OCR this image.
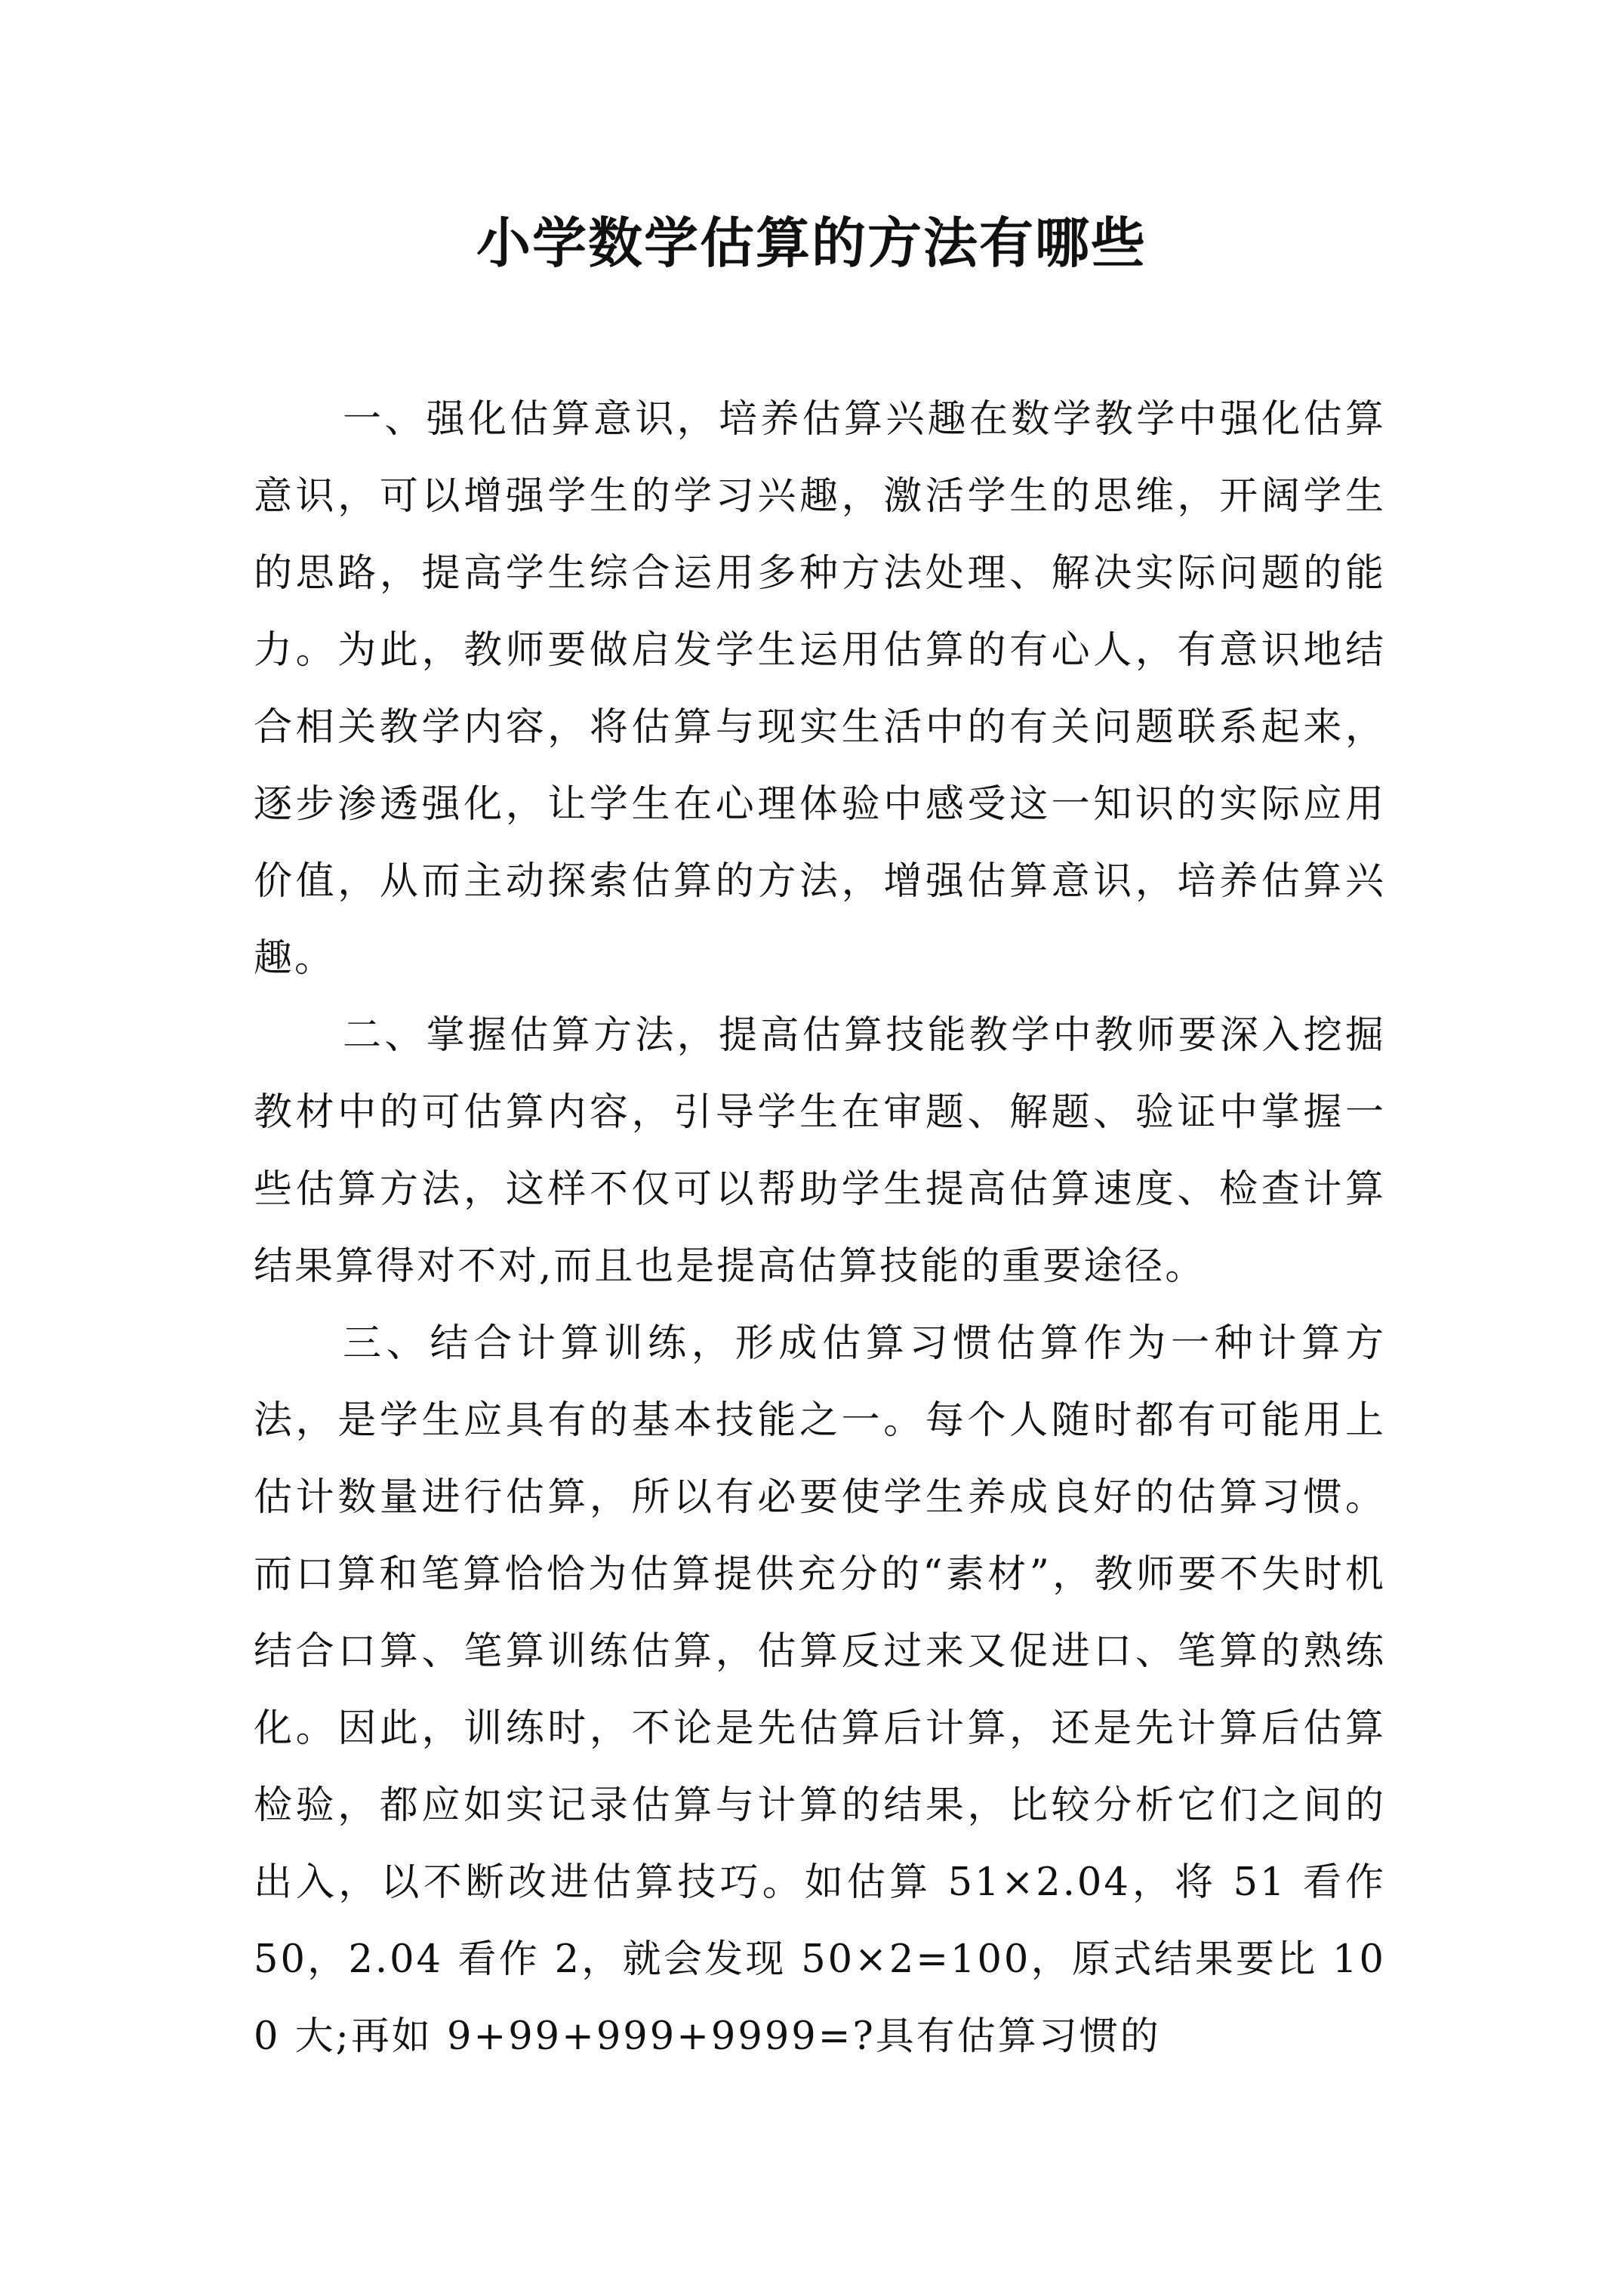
小学数学估算的方法有哪些

一、强化估算意识，培养估算兴趣在数学教学中强化估算意识，可以增强学生的学习兴趣，激活学生的思维，开阔学生的思路，提高学生综合运用多种方法处理、解决实际问题的能力。为此，教师要做启发学生运用估算的有心人，有意识地结合相关教学内容，将估算与现实生活中的有关问题联系起来，逐步渗透强化，让学生在心理体验中感受这一知识的实际应用价值，从而主动探索估算的方法，增强估算意识，培养估算兴趣。

二、掌握估算方法，提高估算技能教学中教师要深入挖掘教材中的可估算内容，引导学生在审题、解题、验证中掌握一些估算方法，这样不仅可以帮助学生提高估算速度、检查计算结果算得对不对,而且也是提高估算技能的重要途径。

三、结合计算训练，形成估算习惯估算作为一种计算方法，是学生应具有的基本技能之一。每个人随时都有可能用上估计数量进行估算，所以有必要使学生养成良好的估算习惯。而口算和笔算恰恰为估算提供充分的“素材”，教师要不失时机结合口算、笔算训练估算，估算反过来又促进口、笔算的熟练化。因此，训练时，不论是先估算后计算，还是先计算后估算检验，都应如实记录估算与计算的结果，比较分析它们之间的出入，以不断改进估算技巧。如估算 51×2.04，将 51 看作 50，2.04 看作 2，就会发现 50×2=100，原式结果要比 100 大;再如 9+99+999+9999=?具有估算习惯的
